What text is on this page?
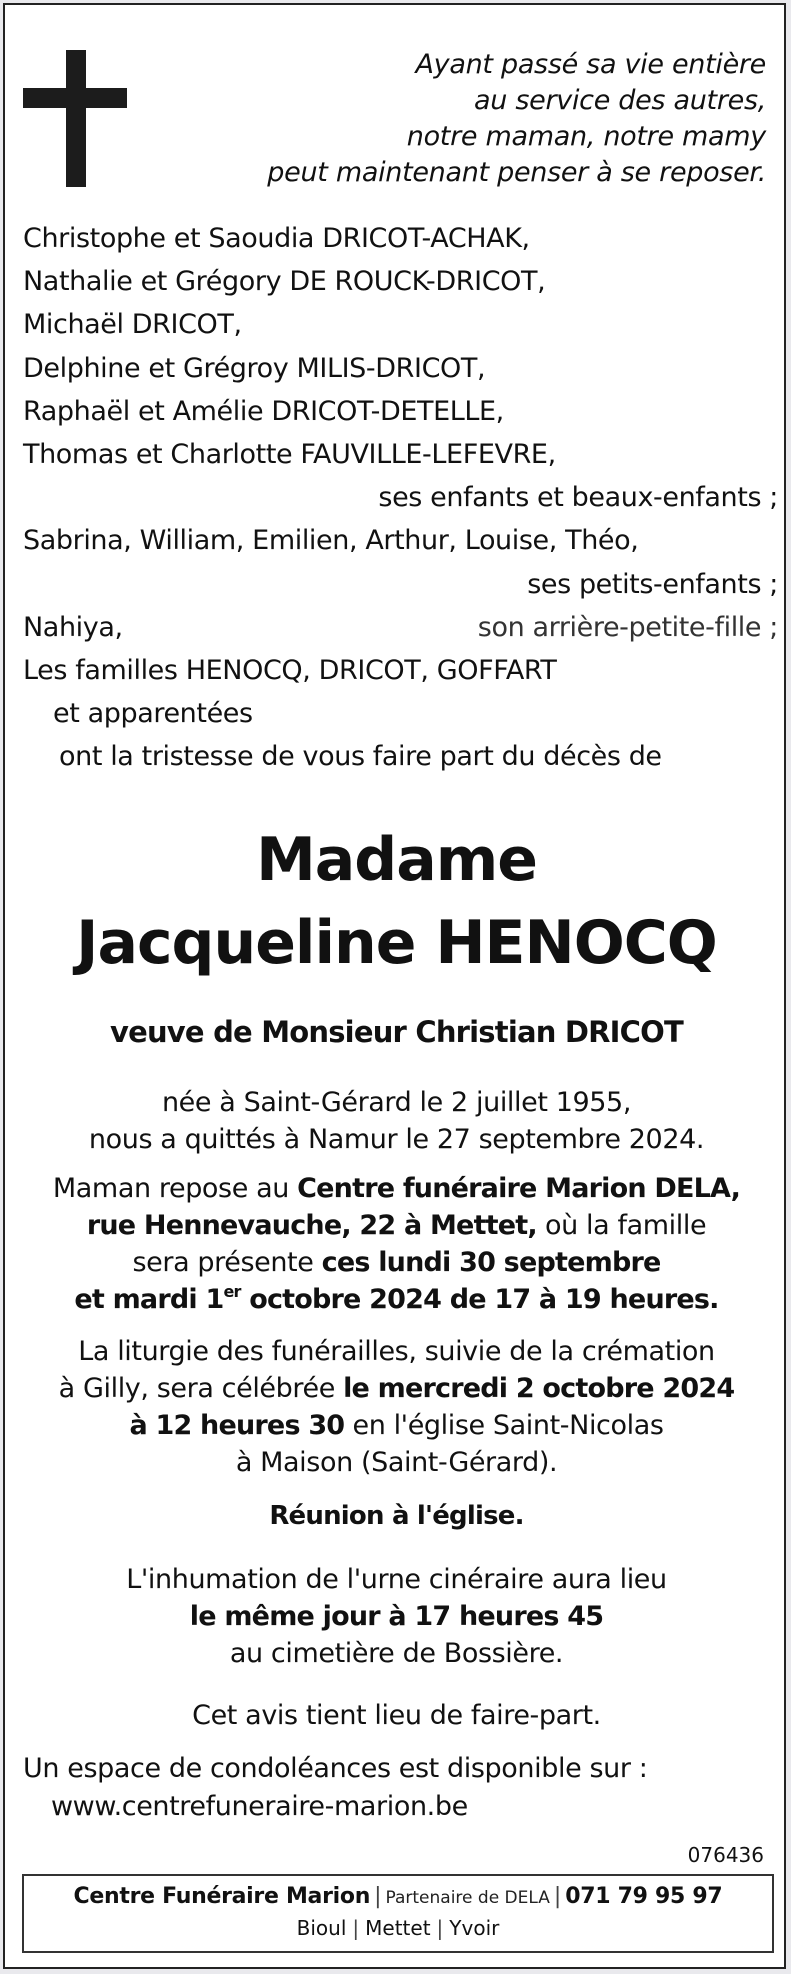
Ayant passé sa vie entière
au service des autres,
notre maman, notre mamy
peut maintenant penser à se reposer.
Christophe et Saoudia DRICOT-ACHAK,
Nathalie et Grégory DE ROUCK-DRICOT,
Michaël DRICOT,
Delphine et Grégroy MILIS-DRICOT,
Raphaël et Amélie DRICOT-DETELLE,
Thomas et Charlotte FAUVILLE-LEFEVRE,
ses enfants et beaux-enfants ;
Sabrina, William, Emilien, Arthur, Louise, Théo,
ses petits-enfants ;
Nahiya,	son arrière-petite-fille ;
Les familles HENOCQ, DRICOT, GOFFART
et apparentées
ont la tristesse de vous faire part du décès de
Madame
Jacqueline HENOCQ
veuve de Monsieur Christian DRICOT
née à Saint-Gérard le 2 juillet 1955,
nous a quittés à Namur le 27 septembre 2024.
Maman repose au Centre funéraire Marion DELA,
rue Hennevauche, 22 à Mettet, où la famille
sera présente ces lundi 30 septembre
et mardi 1er octobre 2024 de 17 à 19 heures.
La liturgie des funérailles, suivie de la crémation
à Gilly, sera célébrée le mercredi 2 octobre 2024
à 12 heures 30 en l'église Saint-Nicolas
à Maison (Saint-Gérard).
Réunion à l'église.
L'inhumation de l'urne cinéraire aura lieu
le même jour à 17 heures 45
au cimetière de Bossière.
Cet avis tient lieu de faire-part.
Un espace de condoléances est disponible sur :
www.centrefuneraire-marion.be
076436
Centre Funéraire Marion | Partenaire de DELA | 071 79 95 97
Bioul | Mettet | Yvoir
